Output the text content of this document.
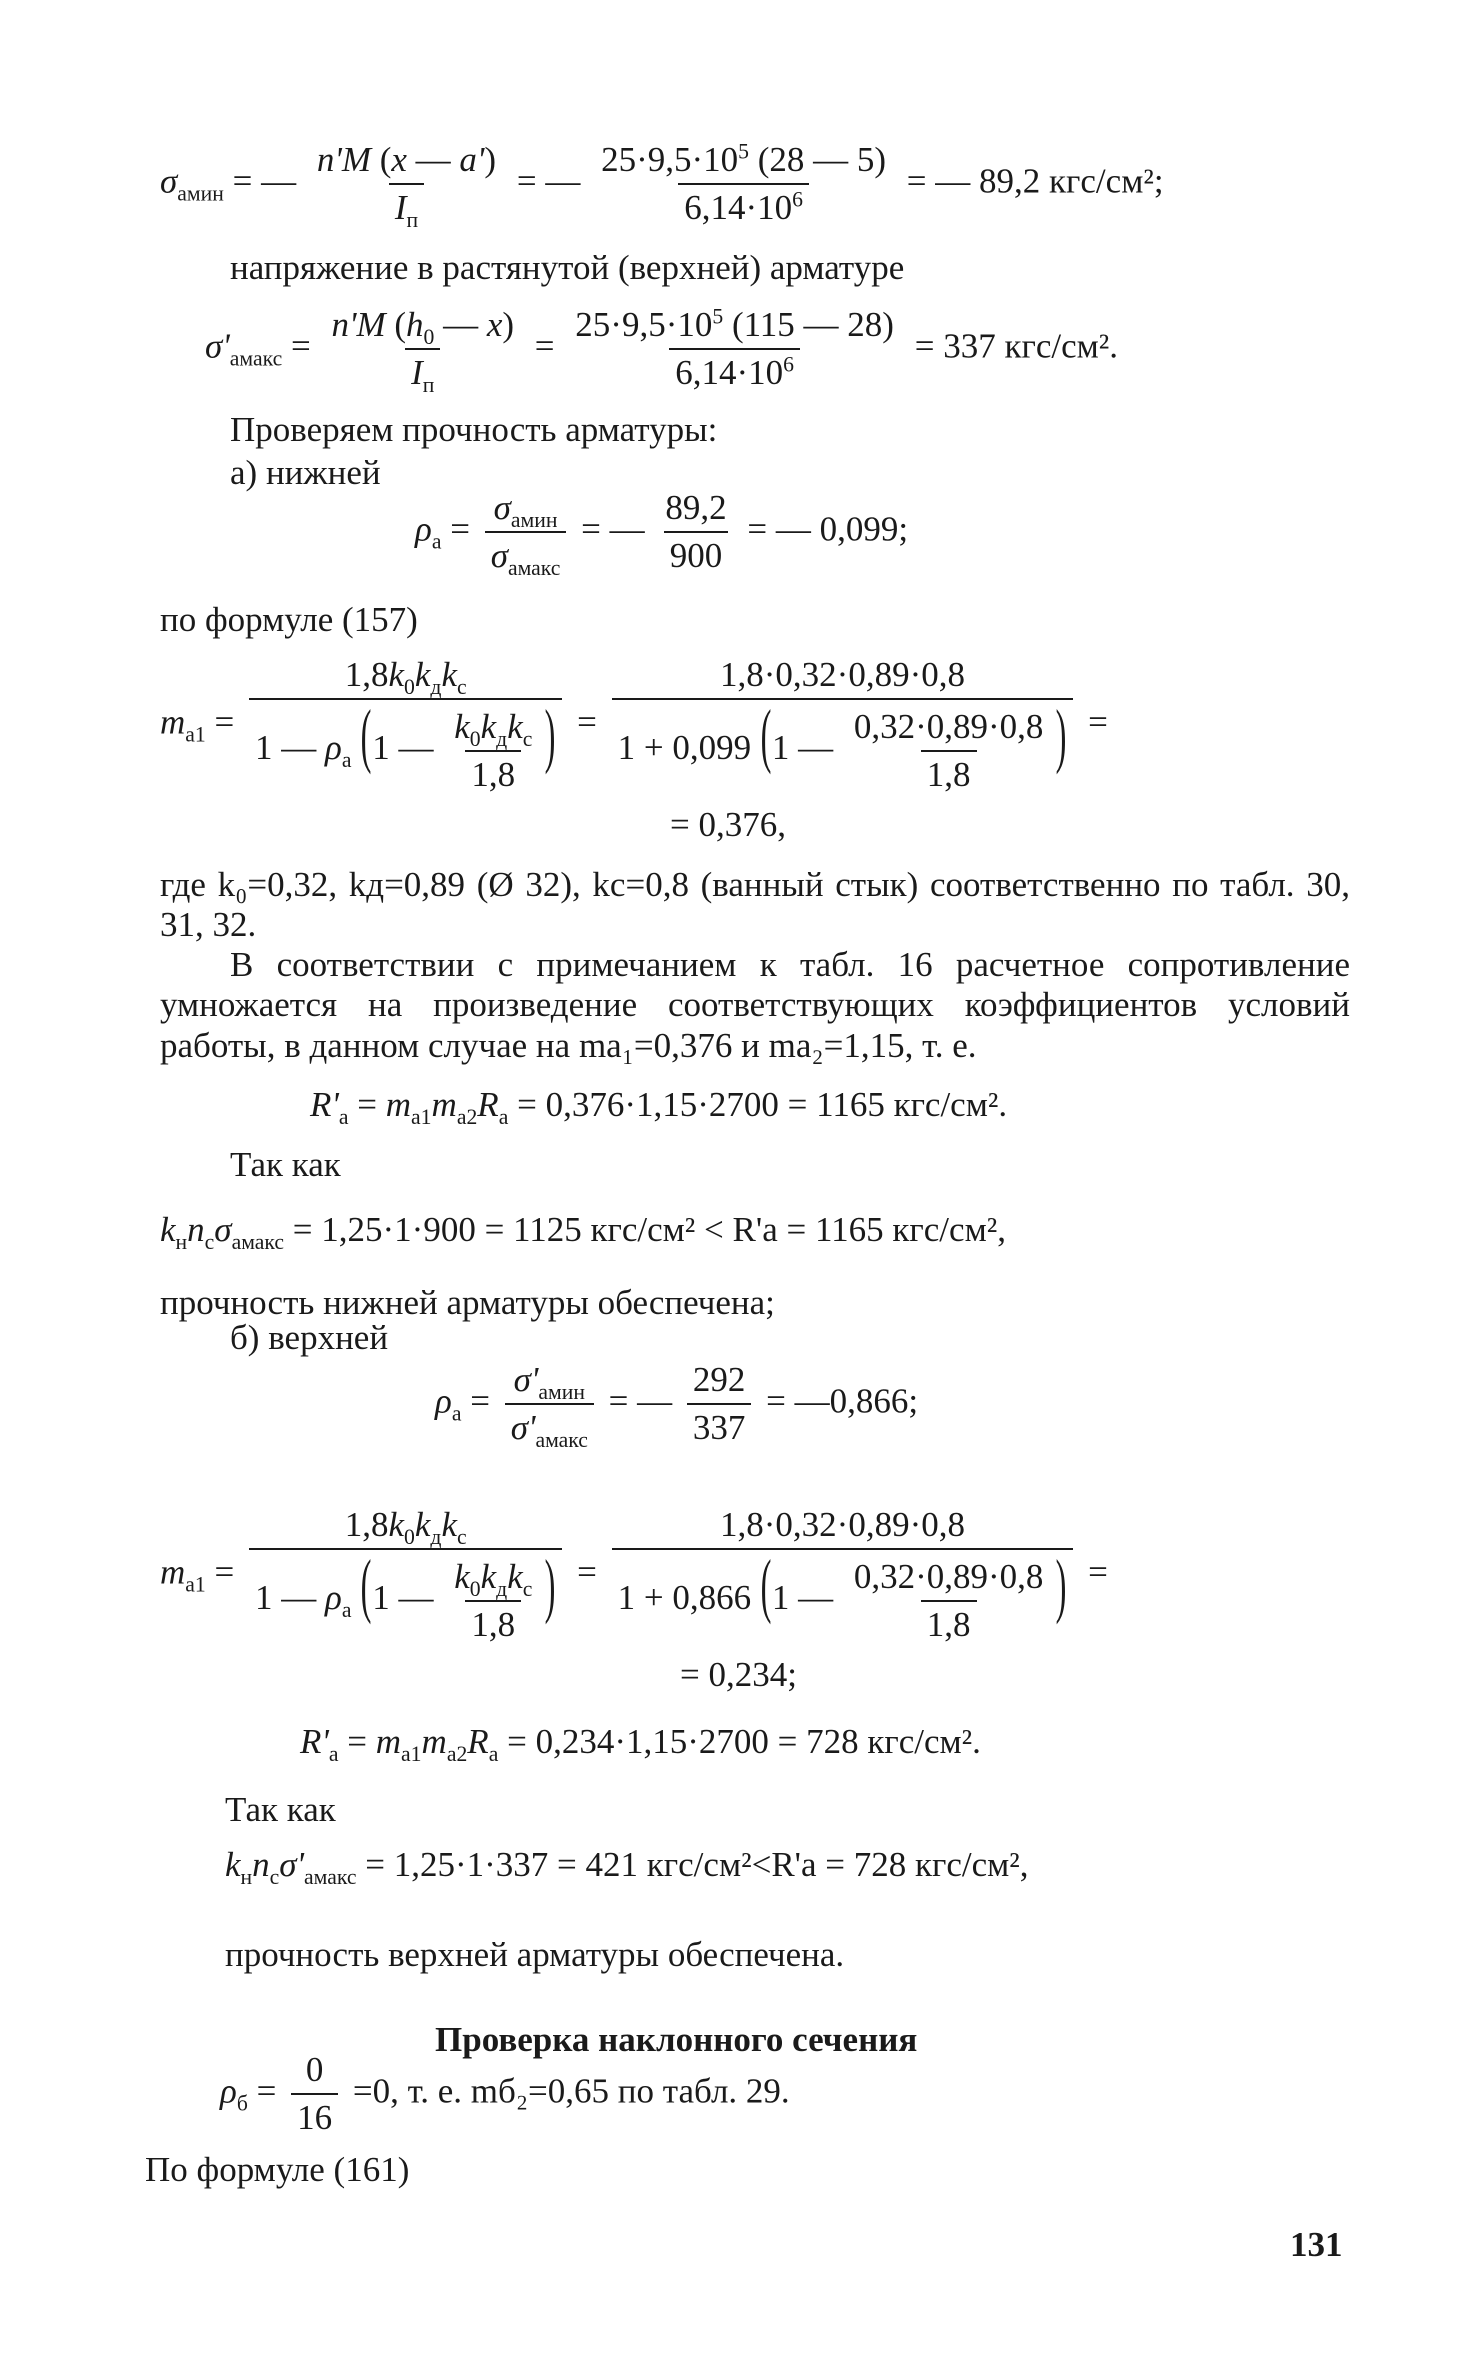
$\sigma_{амин}$ = — $\frac{n'M (x — a')}{I_п}$ = — $\frac{25\cdot 9,5\cdot 10^5 (28 — 5)}{6,14\cdot 10^6}$ = — 89,2 кгс/см²;
напряжение в растянутой (верхней) арматуре
$\sigma'_{амакс} = \frac{n'M (h_0 — x)}{I_п} = \frac{25\cdot 9,5\cdot 10^5 (115 — 28)}{6,14\cdot 10^6} = 337$ кгс/см².
Проверяем прочность арматуры:
а) нижней
$\rho_а = \frac{\sigma_{амин}}{\sigma_{амакс}}$ = — $\frac{89,2}{900}$ = — 0,099;
по формуле (157)
$m_{а1} = \frac{1,8k_0k_дk_с}{1 — \rho_а (1 — \frac{k_0k_дk_с}{1,8} )} = \frac{1,8\cdot 0,32\cdot 0,89\cdot 0,8}{1 + 0,099 (1 — \frac{0,32\cdot 0,89\cdot 0,8}{1,8} )}$ =
= 0,376,
где k₀=0,32, kд=0,89 (Ø 32), kс=0,8 (ванный стык) соответственно по табл. 30, 31, 32.
В соответствии с примечанием к табл. 16 расчетное сопротивление умножается на произведение соответствующих коэффициентов условий работы, в данном случае на ma₁=0,376 и ma₂=1,15, т. е.
$R'_а = m_{а1}m_{а2}R_а = 0,376\cdot 1,15\cdot 2700 = 1165$ кгс/см².
Так как
$k_нn_с\sigma_{амакс} = 1,25\cdot 1\cdot 900 = 1125$ кгс/см² < R'а = 1165 кгс/см²,
прочность нижней арматуры обеспечена;
б) верхней
$\rho_а = \frac{\sigma'_{амин}}{\sigma'_{амакс}}$ = — $\frac{292}{337}$ = —0,866;
$m_{а1} = \frac{1,8k_0k_дk_с}{1 — \rho_а (1 — \frac{k_0k_дk_с}{1,8} )} = \frac{1,8\cdot 0,32\cdot 0,89\cdot 0,8}{1 + 0,866 (1 — \frac{0,32\cdot 0,89\cdot 0,8}{1,8} )}$ =
= 0,234;
$R'_а = m_{а1}m_{а2}R_а = 0,234\cdot 1,15\cdot 2700 = 728$ кгс/см².
Так как
$k_нn_с\sigma'_{амакс} = 1,25\cdot 1\cdot 337 = 421$ кгс/см²<R'а = 728 кгс/см²,
прочность верхней арматуры обеспечена.
Проверка наклонного сечения
$\rho_б = \frac{0}{16} =0$, т. е. mб₂=0,65 по табл. 29.
По формуле (161)
131
